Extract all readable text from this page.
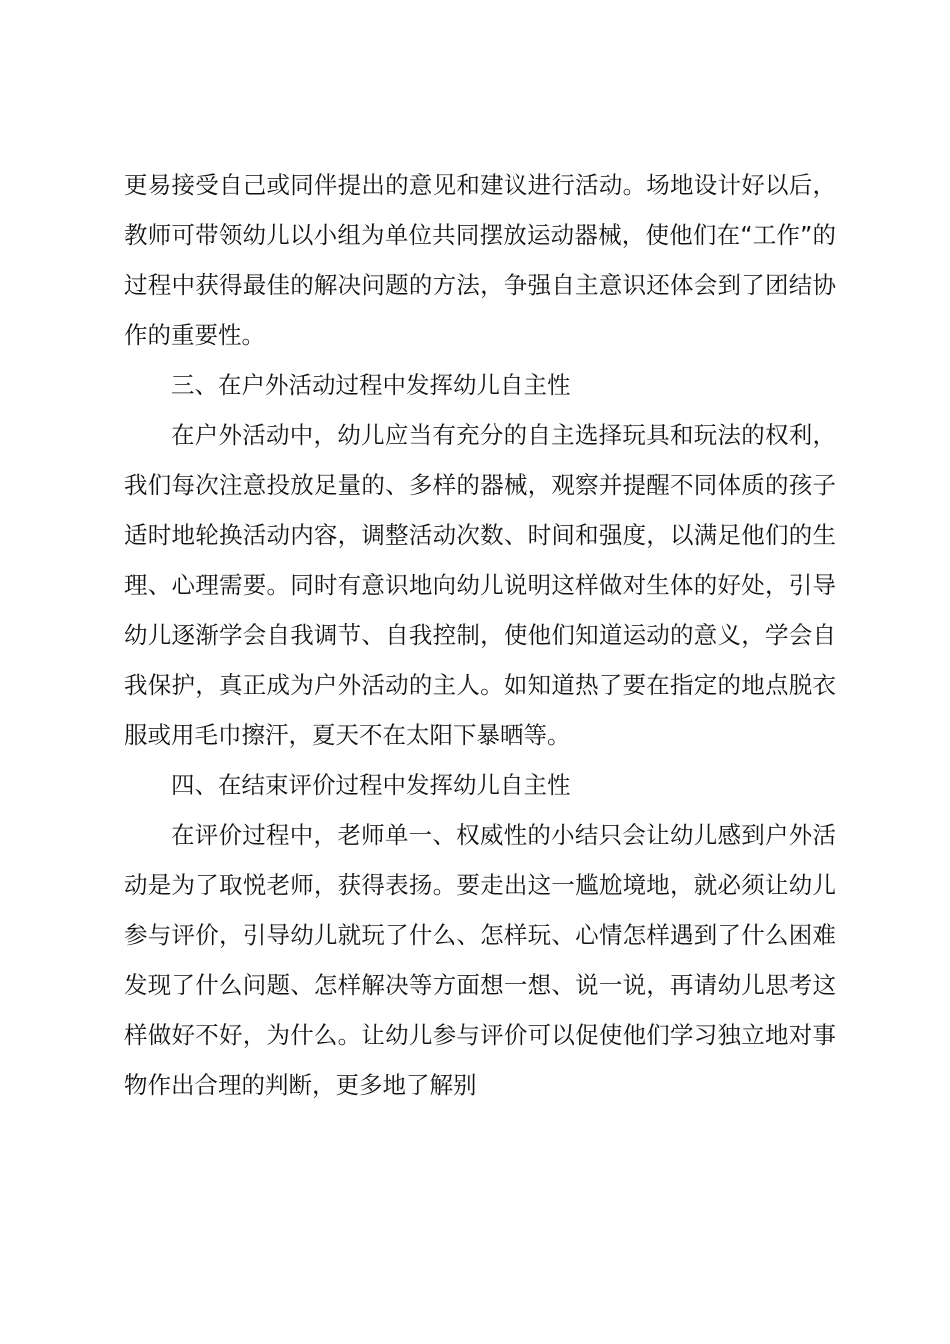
更易接受自己或同伴提出的意见和建议进行活动。场地设计好以后，教师可带领幼儿以小组为单位共同摆放运动器械，使他们在“工作”的过程中获得最佳的解决问题的方法，争强自主意识还体会到了团结协作的重要性。

三、在户外活动过程中发挥幼儿自主性

在户外活动中，幼儿应当有充分的自主选择玩具和玩法的权利，我们每次注意投放足量的、多样的器械，观察并提醒不同体质的孩子适时地轮换活动内容，调整活动次数、时间和强度，以满足他们的生理、心理需要。同时有意识地向幼儿说明这样做对生体的好处，引导幼儿逐渐学会自我调节、自我控制，使他们知道运动的意义，学会自我保护，真正成为户外活动的主人。如知道热了要在指定的地点脱衣服或用毛巾擦汗，夏天不在太阳下暴晒等。

四、在结束评价过程中发挥幼儿自主性

在评价过程中，老师单一、权威性的小结只会让幼儿感到户外活动是为了取悦老师，获得表扬。要走出这一尴尬境地，就必须让幼儿参与评价，引导幼儿就玩了什么、怎样玩、心情怎样遇到了什么困难发现了什么问题、怎样解决等方面想一想、说一说，再请幼儿思考这样做好不好，为什么。让幼儿参与评价可以促使他们学习独立地对事物作出合理的判断，更多地了解别
